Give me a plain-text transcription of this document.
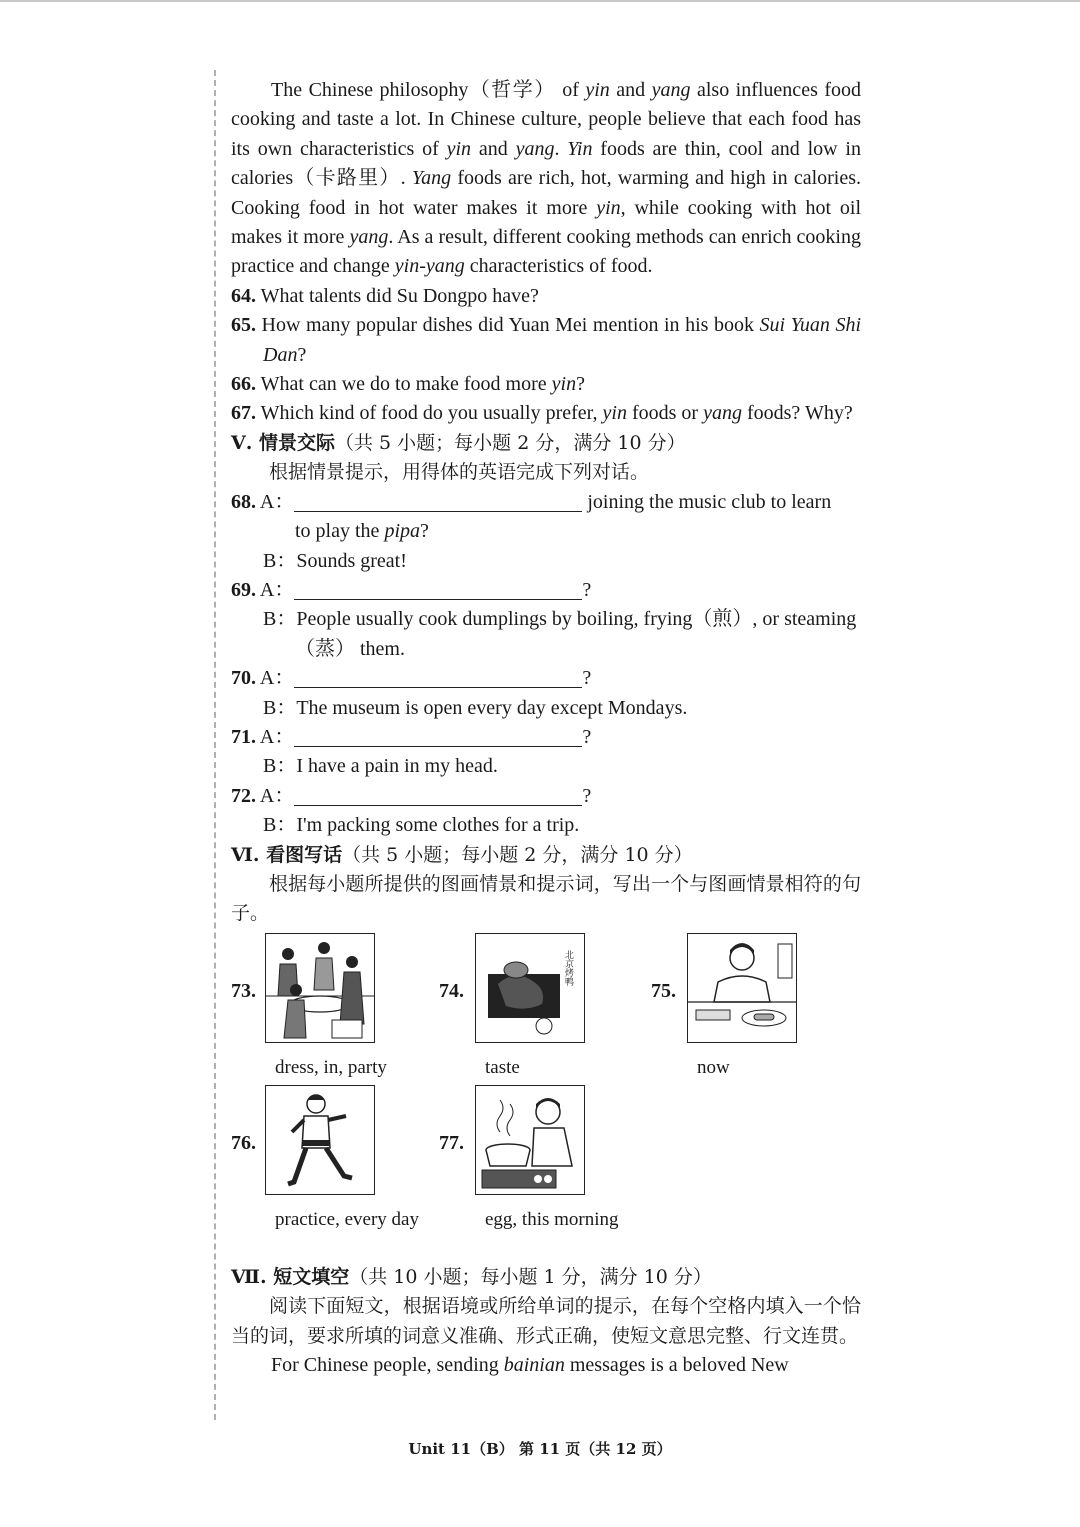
The Chinese philosophy（哲学） of yin and yang also influences food cooking and taste a lot. In Chinese culture, people believe that each food has its own characteristics of yin and yang. Yin foods are thin, cool and low in calories（卡路里）. Yang foods are rich, hot, warming and high in calories. Cooking food in hot water makes it more yin, while cooking with hot oil makes it more yang. As a result, different cooking methods can enrich cooking practice and change yin-yang characteristics of food.

64. What talents did Su Dongpo have?

65. How many popular dishes did Yuan Mei mention in his book Sui Yuan Shi Dan?

66. What can we do to make food more yin?

67. Which kind of food do you usually prefer, yin foods or yang foods? Why?

Ⅴ. 情景交际（共 5 小题；每小题 2 分，满分 10 分）

根据情景提示，用得体的英语完成下列对话。

68. A：	joining the music club to learn
to play the pipa?
B：Sounds great!
69. A：	?
B：People usually cook dumplings by boiling, frying（煎）, or steaming
（蒸） them.
70. A：	?
B：The museum is open every day except Mondays.
71. A：	?
B：I have a pain in my head.
72. A：	?
B：I'm packing some clothes for a trip.

Ⅵ. 看图写话（共 5 小题；每小题 2 分，满分 10 分）

根据每小题所提供的图画情景和提示词，写出一个与图画情景相符的句子。

73.
dress, in, party
74.
北京烤鸭
taste
75.
now
76.
practice, every day
77.
egg, this morning

Ⅶ. 短文填空（共 10 小题；每小题 1 分，满分 10 分）

阅读下面短文，根据语境或所给单词的提示，在每个空格内填入一个恰当的词，要求所填的词意义准确、形式正确，使短文意思完整、行文连贯。

For Chinese people, sending bainian messages is a beloved New

Unit 11（B） 第 11 页（共 12 页）
